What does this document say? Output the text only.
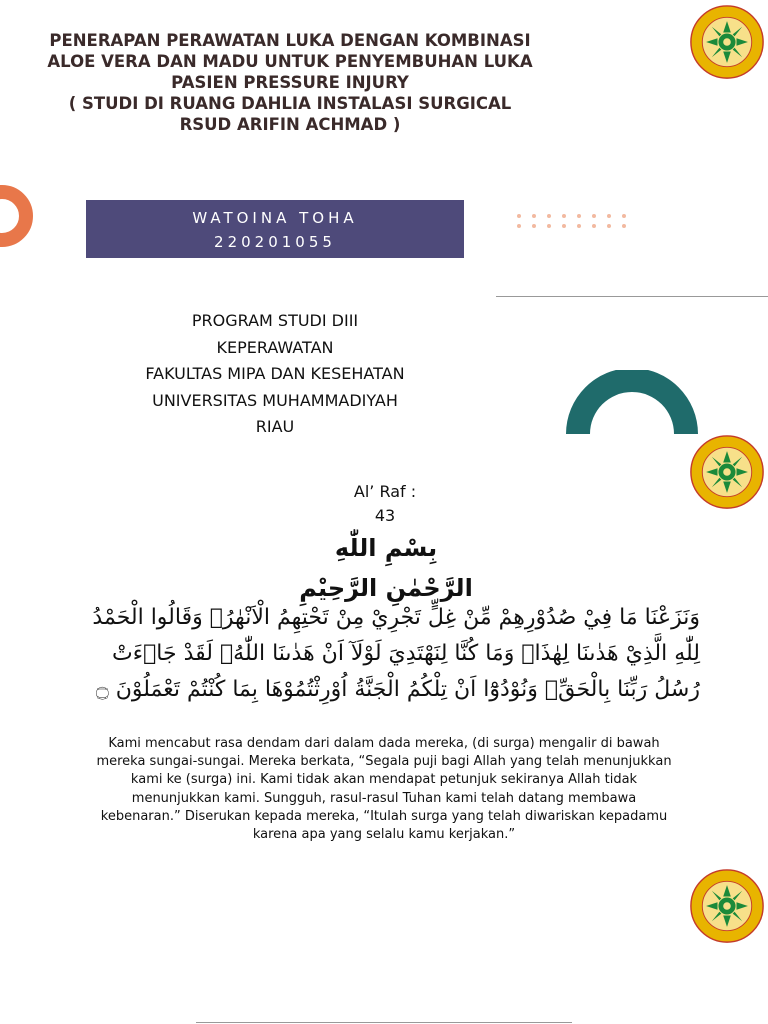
PENERAPAN PERAWATAN LUKA DENGAN KOMBINASI
ALOE VERA DAN MADU UNTUK PENYEMBUHAN LUKA
PASIEN PRESSURE INJURY
( STUDI DI RUANG DAHLIA INSTALASI SURGICAL
RSUD ARIFIN ACHMAD )
WATOINA TOHA
220201055
PROGRAM STUDI DIII
KEPERAWATAN
FAKULTAS MIPA DAN KESEHATAN
UNIVERSITAS MUHAMMADIYAH
RIAU
Al’ Raf :
43
بِسْمِ اللّٰهِ الرَّحْمٰنِ الرَّحِيْمِ
وَنَزَعْنَا مَا فِيْ صُدُوْرِهِمْ مِّنْ غِلٍّ تَجْرِيْ مِنْ تَحْتِهِمُ الْاَنْهٰرُۚ وَقَالُوا الْحَمْدُ لِلّٰهِ الَّذِيْ هَدٰىنَا لِهٰذَاۗ وَمَا كُنَّا لِنَهْتَدِيَ لَوْلَآ اَنْ هَدٰىنَا اللّٰهُۚ لَقَدْ جَاۤءَتْ رُسُلُ رَبِّنَا بِالْحَقِّۗ وَنُوْدُوْٓا اَنْ تِلْكُمُ الْجَنَّةُ اُوْرِثْتُمُوْهَا بِمَا كُنْتُمْ تَعْمَلُوْنَ ۝
Kami mencabut rasa dendam dari dalam dada mereka, (di surga) mengalir di bawah mereka sungai-sungai. Mereka berkata, “Segala puji bagi Allah yang telah menunjukkan kami ke (surga) ini. Kami tidak akan mendapat petunjuk sekiranya Allah tidak menunjukkan kami. Sungguh, rasul-rasul Tuhan kami telah datang membawa kebenaran.” Diserukan kepada mereka, “Itulah surga yang telah diwariskan kepadamu karena apa yang selalu kamu kerjakan.”
